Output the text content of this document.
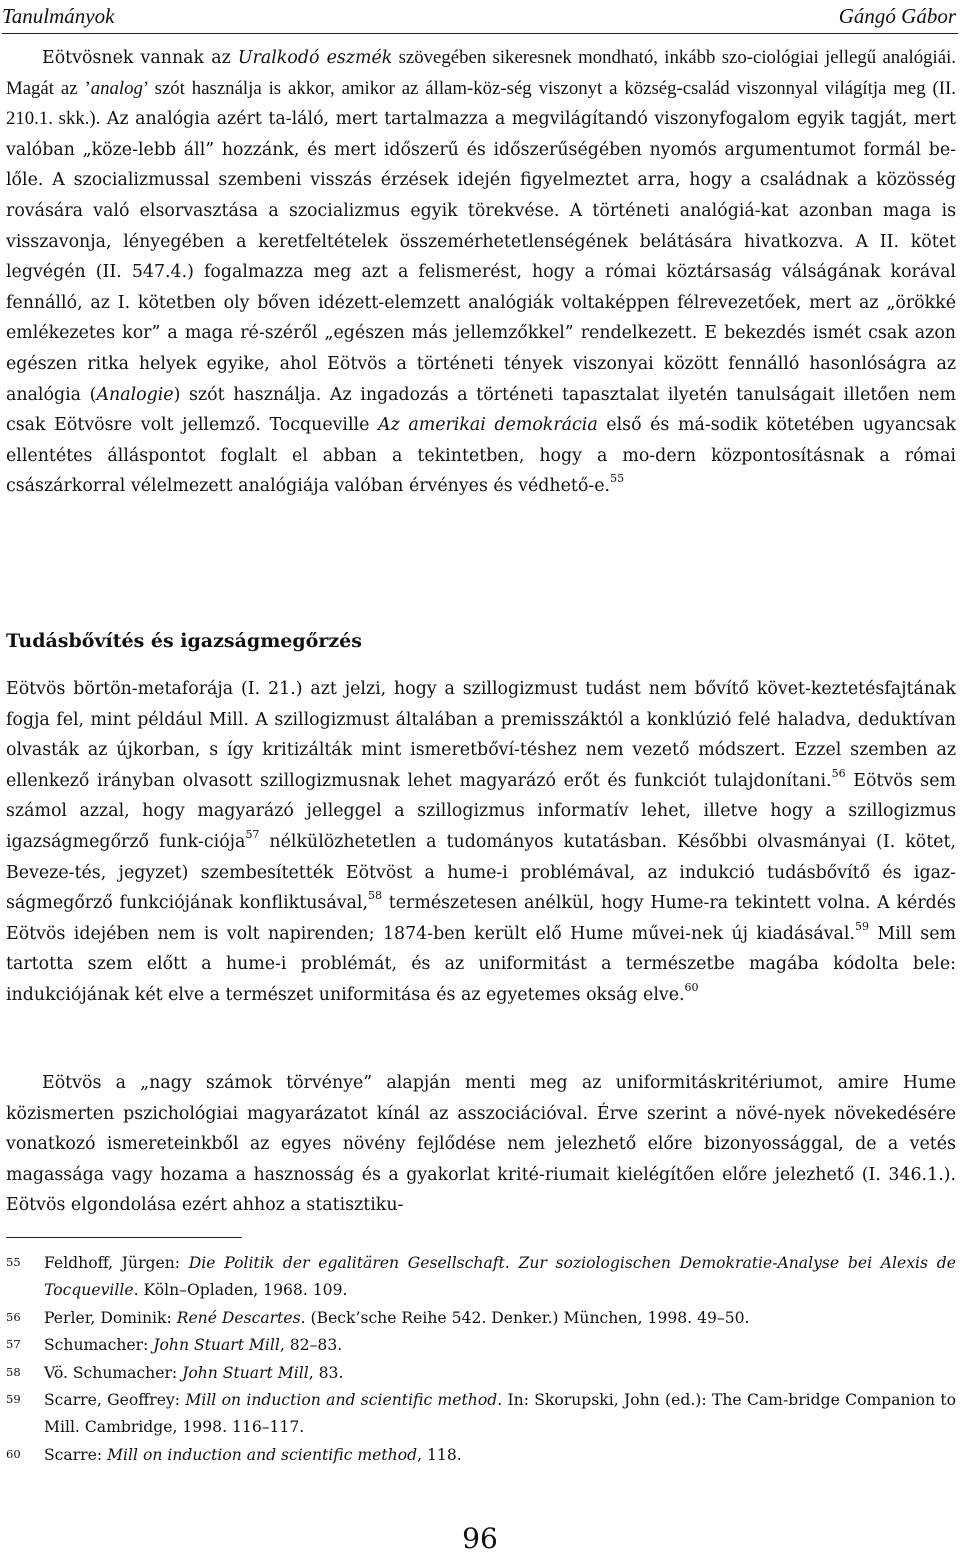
Tanulmányok	Gángó Gábor

Eötvösnek vannak az Uralkodó eszmék szövegében sikeresnek mondható, inkább szo-ciológiai jellegű analógiái. Magát az ’analog’ szót használja is akkor, amikor az állam-köz-ség viszonyt a község-család viszonnyal világítja meg (II. 210.1. skk.). Az analógia azért ta-láló, mert tartalmazza a megvilágítandó viszonyfogalom egyik tagját, mert valóban „köze-lebb áll” hozzánk, és mert időszerű és időszerűségében nyomós argumentumot formál be-lőle. A szocializmussal szembeni visszás érzések idején figyelmeztet arra, hogy a családnak a közösség rovására való elsorvasztása a szocializmus egyik törekvése. A történeti analógiá-kat azonban maga is visszavonja, lényegében a keretfeltételek összemérhetetlenségének belátására hivatkozva. A II. kötet legvégén (II. 547.4.) fogalmazza meg azt a felismerést, hogy a római köztársaság válságának korával fennálló, az I. kötetben oly bőven idézett-elemzett analógiák voltaképpen félrevezetőek, mert az „örökké emlékezetes kor” a maga ré-széről „egészen más jellemzőkkel” rendelkezett. E bekezdés ismét csak azon egészen ritka helyek egyike, ahol Eötvös a történeti tények viszonyai között fennálló hasonlóságra az analógia (Analogie) szót használja. Az ingadozás a történeti tapasztalat ilyetén tanulságait illetően nem csak Eötvösre volt jellemző. Tocqueville Az amerikai demokrácia első és má-sodik kötetében ugyancsak ellentétes álláspontot foglalt el abban a tekintetben, hogy a mo-dern központosításnak a római császárkorral vélelmezett analógiája valóban érvényes és védhető-e.$^{55}$

Tudásbővítés és igazságmegőrzés

Eötvös börtön-metaforája (I. 21.) azt jelzi, hogy a szillogizmust tudást nem bővítő követ-keztetésfajtának fogja fel, mint például Mill. A szillogizmust általában a premisszáktól a konklúzió felé haladva, deduktívan olvasták az újkorban, s így kritizálták mint ismeretbőví-téshez nem vezető módszert. Ezzel szemben az ellenkező irányban olvasott szillogizmusnak lehet magyarázó erőt és funkciót tulajdonítani.$^{56}$ Eötvös sem számol azzal, hogy magyarázó jelleggel a szillogizmus informatív lehet, illetve hogy a szillogizmus igazságmegőrző funk-ciója$^{57}$ nélkülözhetetlen a tudományos kutatásban. Későbbi olvasmányai (I. kötet, Beveze-tés, jegyzet) szembesítették Eötvöst a hume-i problémával, az indukció tudásbővítő és igaz-ságmegőrző funkciójának konfliktusával,$^{58}$ természetesen anélkül, hogy Hume-ra tekintett volna. A kérdés Eötvös idejében nem is volt napirenden; 1874-ben került elő Hume művei-nek új kiadásával.$^{59}$ Mill sem tartotta szem előtt a hume-i problémát, és az uniformitást a természetbe magába kódolta bele: indukciójának két elve a természet uniformitása és az egyetemes okság elve.$^{60}$

Eötvös a „nagy számok törvénye” alapján menti meg az uniformitáskritériumot, amire Hume közismerten pszichológiai magyarázatot kínál az asszociációval. Érve szerint a növé-nyek növekedésére vonatkozó ismereteinkből az egyes növény fejlődése nem jelezhető előre bizonyossággal, de a vetés magassága vagy hozama a hasznosság és a gyakorlat krité-riumait kielégítően előre jelezhető (I. 346.1.). Eötvös elgondolása ezért ahhoz a statisztiku-

55 Feldhoff, Jürgen: Die Politik der egalitären Gesellschaft. Zur soziologischen Demokratie-Analyse bei Alexis de Tocqueville. Köln–Opladen, 1968. 109.
56 Perler, Dominik: René Descartes. (Beck’sche Reihe 542. Denker.) München, 1998. 49–50.
57 Schumacher: John Stuart Mill, 82–83.
58 Vö. Schumacher: John Stuart Mill, 83.
59 Scarre, Geoffrey: Mill on induction and scientific method. In: Skorupski, John (ed.): The Cam-bridge Companion to Mill. Cambridge, 1998. 116–117.
60 Scarre: Mill on induction and scientific method, 118.
96
